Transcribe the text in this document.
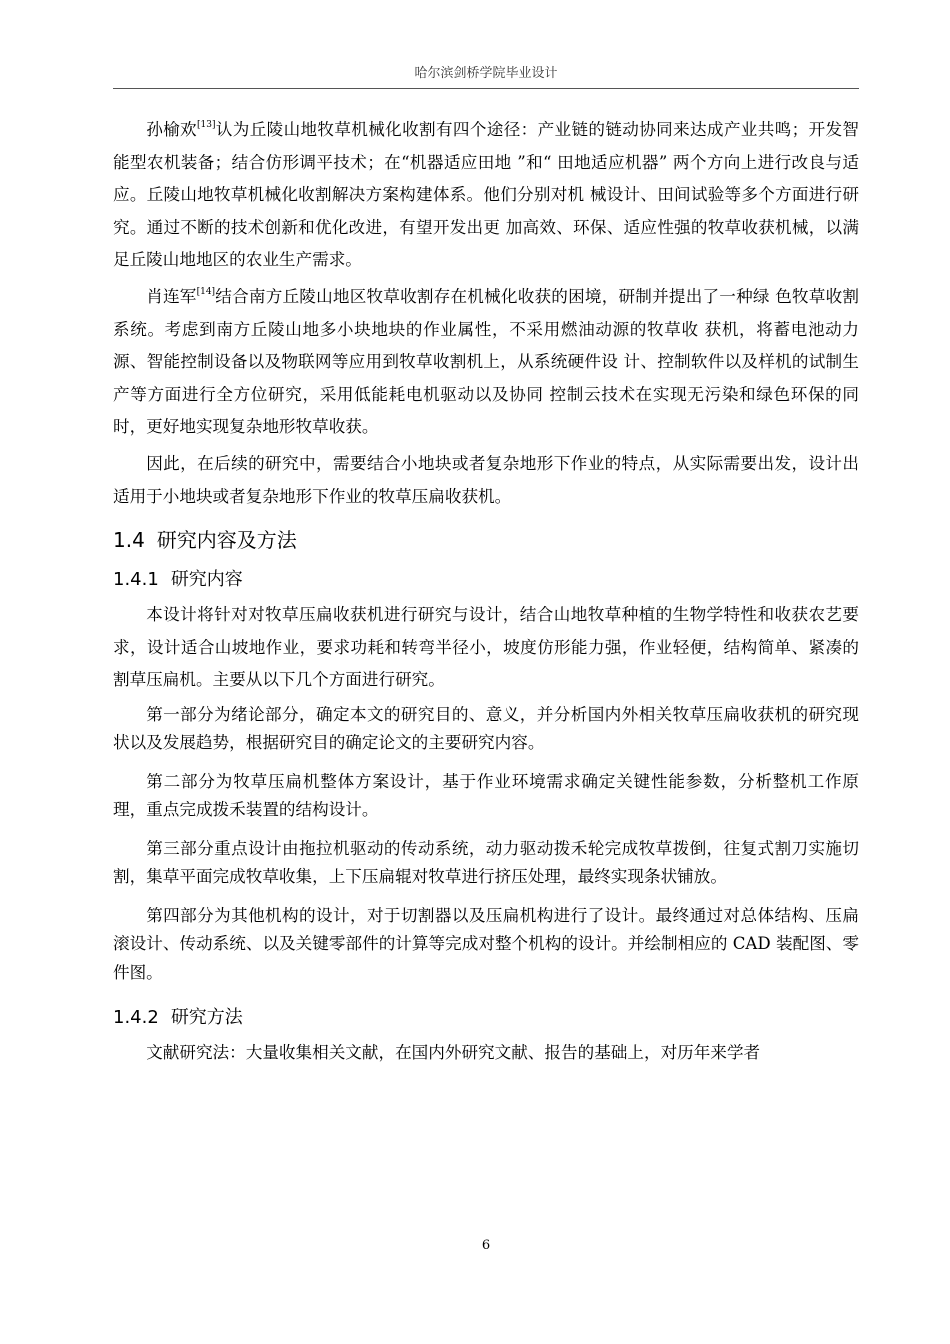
哈尔滨剑桥学院毕业设计

孙榆欢[13]认为丘陵山地牧草机械化收割有四个途径：产业链的链动协同来达成产业共鸣；开发智能型农机装备；结合仿形调平技术；在“机器适应田地 ”和“ 田地适应机器” 两个方向上进行改良与适应。丘陵山地牧草机械化收割解决方案构建体系。他们分别对机 械设计、田间试验等多个方面进行研究。通过不断的技术创新和优化改进，有望开发出更 加高效、环保、适应性强的牧草收获机械，以满足丘陵山地地区的农业生产需求。

肖连军[14]结合南方丘陵山地区牧草收割存在机械化收获的困境，研制并提出了一种绿 色牧草收割系统。考虑到南方丘陵山地多小块地块的作业属性，不采用燃油动源的牧草收 获机，将蓄电池动力源、智能控制设备以及物联网等应用到牧草收割机上，从系统硬件设 计、控制软件以及样机的试制生产等方面进行全方位研究，采用低能耗电机驱动以及协同 控制云技术在实现无污染和绿色环保的同时，更好地实现复杂地形牧草收获。

因此，在后续的研究中，需要结合小地块或者复杂地形下作业的特点，从实际需要出发，设计出适用于小地块或者复杂地形下作业的牧草压扁收获机。

1.4 研究内容及方法
1.4.1 研究内容

本设计将针对对牧草压扁收获机进行研究与设计，结合山地牧草种植的生物学特性和收获农艺要求，设计适合山坡地作业，要求功耗和转弯半径小，坡度仿形能力强，作业轻便，结构简单、紧凑的割草压扁机。主要从以下几个方面进行研究。

第一部分为绪论部分，确定本文的研究目的、意义，并分析国内外相关牧草压扁收获机的研究现状以及发展趋势，根据研究目的确定论文的主要研究内容。

第二部分为牧草压扁机整体方案设计，基于作业环境需求确定关键性能参数，分析整机工作原理，重点完成拨禾装置的结构设计。

第三部分重点设计由拖拉机驱动的传动系统，动力驱动拨禾轮完成牧草拨倒，往复式割刀实施切割，集草平面完成牧草收集，上下压扁辊对牧草进行挤压处理，最终实现条状铺放。

第四部分为其他机构的设计，对于切割器以及压扁机构进行了设计。最终通过对总体结构、压扁滚设计、传动系统、以及关键零部件的计算等完成对整个机构的设计。并绘制相应的 CAD 装配图、零件图。

1.4.2 研究方法

文献研究法：大量收集相关文献，在国内外研究文献、报告的基础上，对历年来学者

6
